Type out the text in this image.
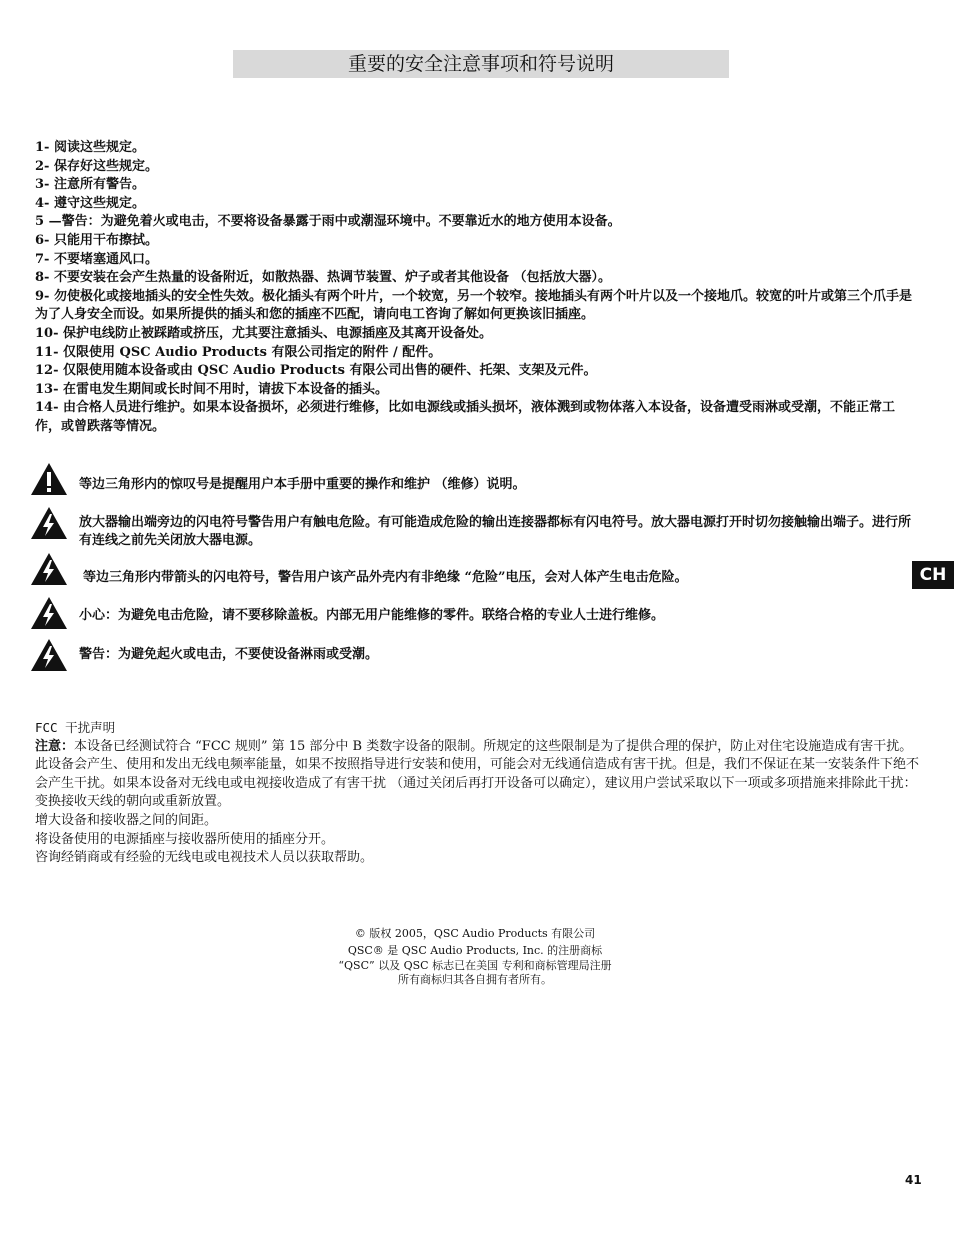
重要的安全注意事项和符号说明
1- 阅读这些规定。
2- 保存好这些规定。
3- 注意所有警告。
4- 遵守这些规定。
5 —警告：为避免着火或电击，不要将设备暴露于雨中或潮湿环境中。不要靠近水的地方使用本设备。
6- 只能用干布擦拭。
7- 不要堵塞通风口。
8- 不要安装在会产生热量的设备附近，如散热器、热调节装置、炉子或者其他设备 （包括放大器）。
9- 勿使极化或接地插头的安全性失效。极化插头有两个叶片，一个较宽，另一个较窄。接地插头有两个叶片以及一个接地爪。较宽的叶片或第三个爪手是为了人身安全而设。如果所提供的插头和您的插座不匹配，请向电工咨询了解如何更换该旧插座。
10- 保护电线防止被踩踏或挤压，尤其要注意插头、电源插座及其离开设备处。
11- 仅限使用 QSC Audio Products 有限公司指定的附件 / 配件。
12- 仅限使用随本设备或由 QSC Audio Products 有限公司出售的硬件、托架、支架及元件。
13- 在雷电发生期间或长时间不用时，请拔下本设备的插头。
14- 由合格人员进行维护。如果本设备损坏，必须进行维修，比如电源线或插头损坏，液体溅到或物体落入本设备，设备遭受雨淋或受潮，不能正常工作，或曾跌落等情况。
等边三角形内的惊叹号是提醒用户本手册中重要的操作和维护 （维修）说明。
放大器输出端旁边的闪电符号警告用户有触电危险。有可能造成危险的输出连接器都标有闪电符号。放大器电源打开时切勿接触输出端子。进行所有连线之前先关闭放大器电源。
等边三角形内带箭头的闪电符号，警告用户该产品外壳内有非绝缘 “危险”电压，会对人体产生电击危险。
小心：为避免电击危险，请不要移除盖板。内部无用户能维修的零件。联络合格的专业人士进行维修。
警告：为避免起火或电击，不要使设备淋雨或受潮。
CH
FCC 干扰声明
注意：本设备已经测试符合 “FCC 规则” 第 15 部分中 B 类数字设备的限制。所规定的这些限制是为了提供合理的保护，防止对住宅设施造成有害干扰。此设备会产生、使用和发出无线电频率能量，如果不按照指导进行安装和使用，可能会对无线通信造成有害干扰。但是，我们不保证在某一安装条件下绝不会产生干扰。如果本设备对无线电或电视接收造成了有害干扰 （通过关闭后再打开设备可以确定），建议用户尝试采取以下一项或多项措施来排除此干扰：
变换接收天线的朝向或重新放置。
增大设备和接收器之间的间距。
将设备使用的电源插座与接收器所使用的插座分开。
咨询经销商或有经验的无线电或电视技术人员以获取帮助。
© 版权 2005，QSC Audio Products 有限公司
QSC® 是 QSC Audio Products, Inc. 的注册商标
“QSC” 以及 QSC 标志已在美国 专利和商标管理局注册
所有商标归其各自拥有者所有。
41
